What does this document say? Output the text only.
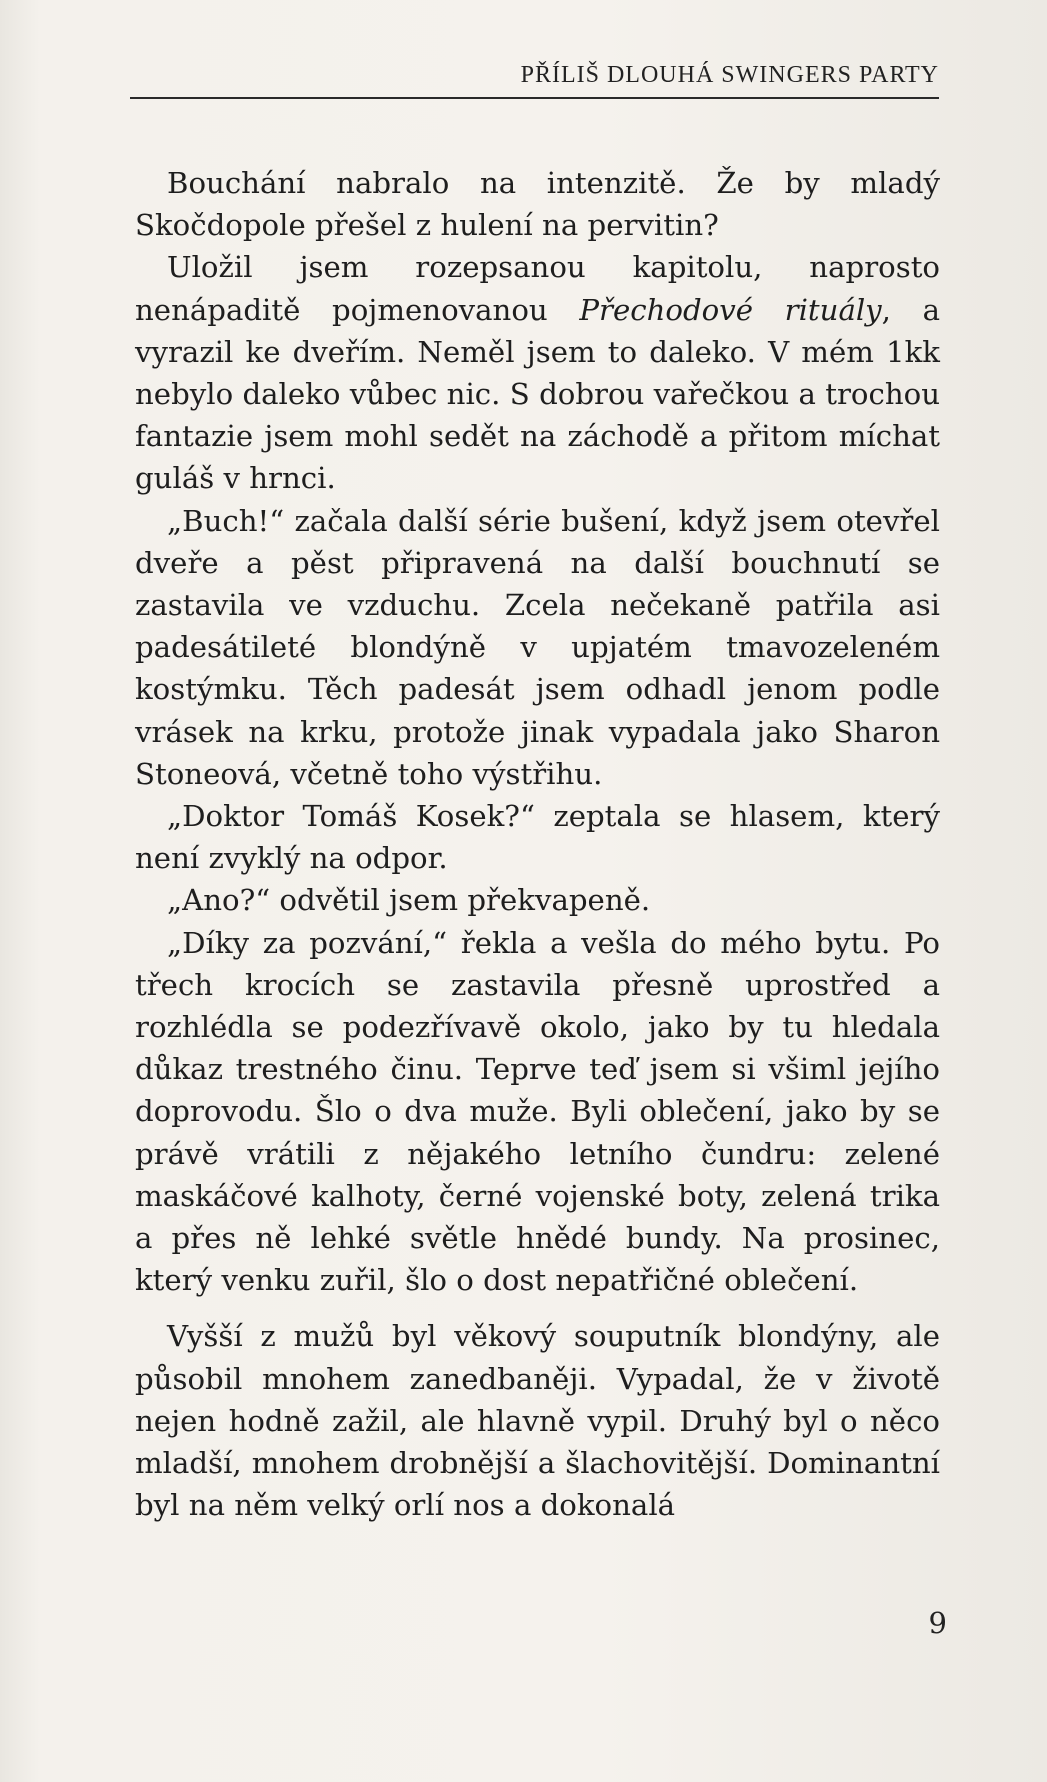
PŘÍLIŠ DLOUHÁ SWINGERS PARTY

Bouchání nabralo na intenzitě. Že by mladý Skočdopole přešel z hulení na pervitin?

Uložil jsem rozepsanou kapitolu, naprosto nenápaditě pojmenovanou Přechodové rituály, a vyrazil ke dveřím. Neměl jsem to daleko. V mém 1kk nebylo daleko vůbec nic. S dobrou vařečkou a trochou fantazie jsem mohl sedět na záchodě a přitom míchat guláš v hrnci.

„Buch!“ začala další série bušení, když jsem otevřel dveře a pěst připravená na další bouchnutí se zastavila ve vzduchu. Zcela nečekaně patřila asi padesátileté blondýně v upjatém tmavozeleném kostýmku. Těch padesát jsem odhadl jenom podle vrásek na krku, protože jinak vypadala jako Sharon Stoneová, včetně toho výstřihu.

„Doktor Tomáš Kosek?“ zeptala se hlasem, který není zvyklý na odpor.

„Ano?“ odvětil jsem překvapeně.

„Díky za pozvání,“ řekla a vešla do mého bytu. Po třech krocích se zastavila přesně uprostřed a rozhlédla se podezřívavě okolo, jako by tu hledala důkaz trestného činu. Teprve teď jsem si všiml jejího doprovodu. Šlo o dva muže. Byli oblečení, jako by se právě vrátili z nějakého letního čundru: zelené maskáčové kalhoty, černé vojenské boty, zelená trika a přes ně lehké světle hnědé bundy. Na prosinec, který venku zuřil, šlo o dost nepatřičné oblečení.

Vyšší z mužů byl věkový souputník blondýny, ale působil mnohem zanedbaněji. Vypadal, že v životě nejen hodně zažil, ale hlavně vypil. Druhý byl o něco mladší, mnohem drobnější a šlachovitější. Dominantní byl na něm velký orlí nos a dokonalá

9
